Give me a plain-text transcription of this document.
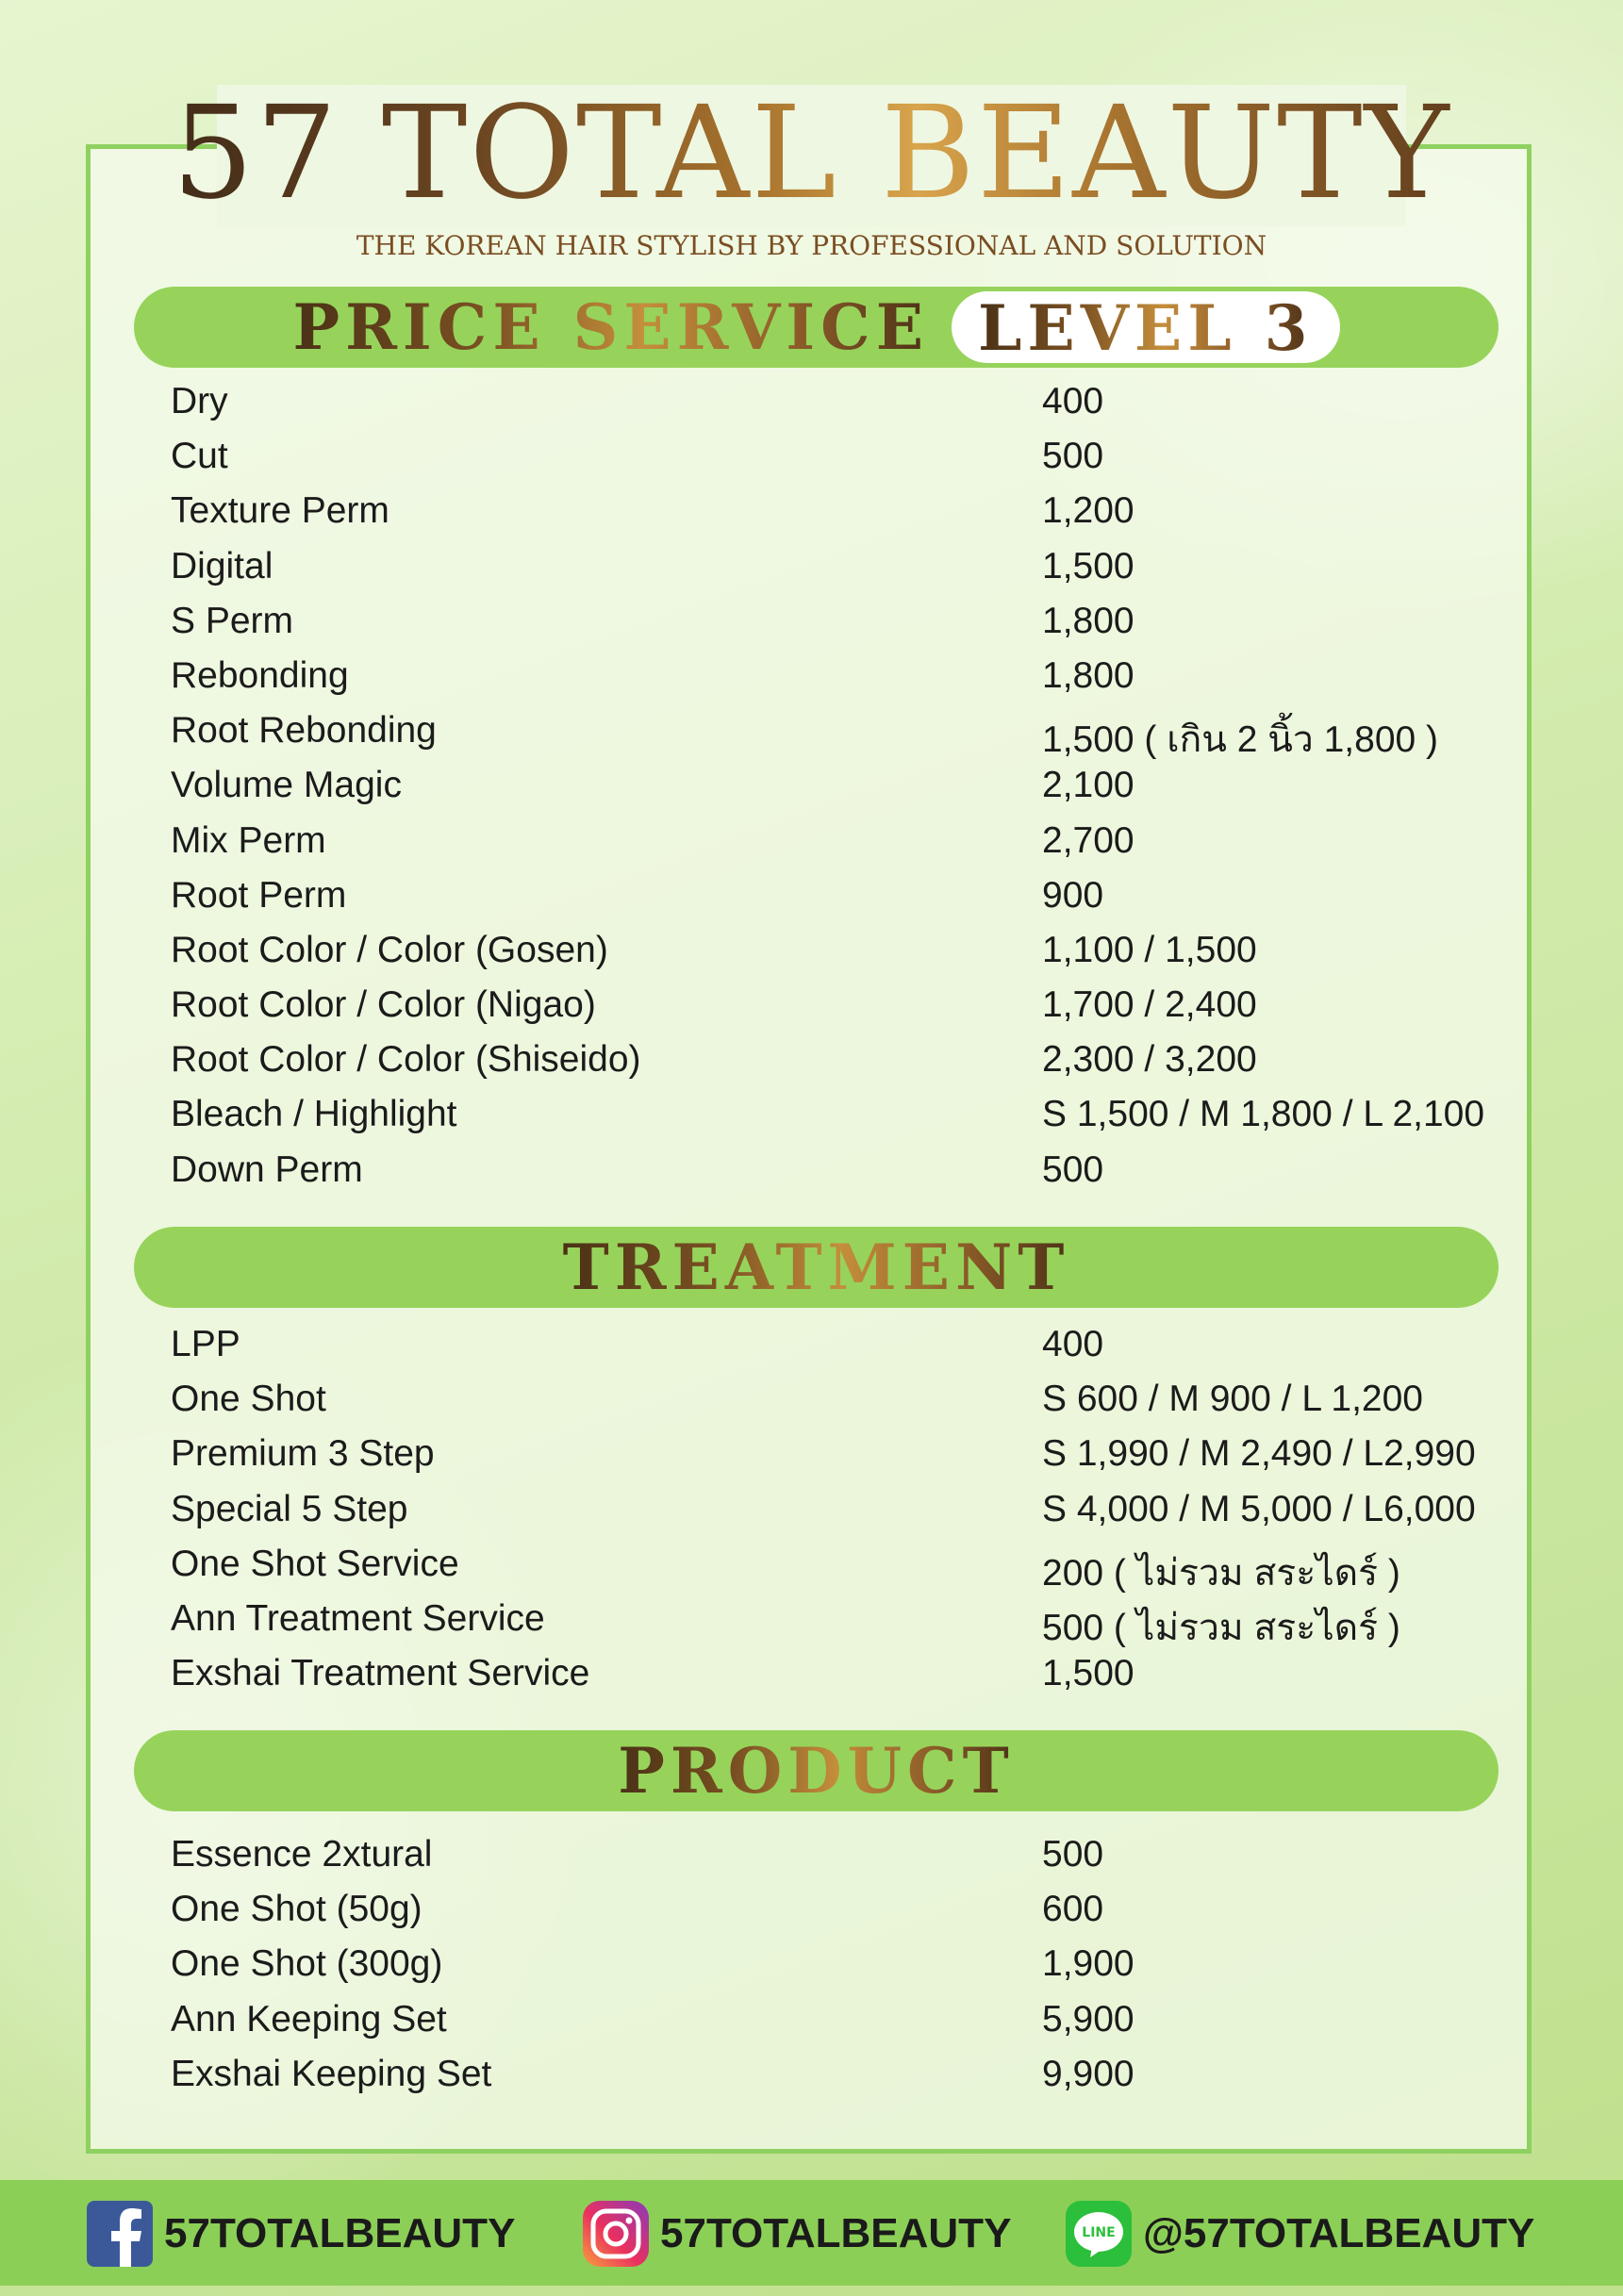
57 TOTAL BEAUTY
THE KOREAN HAIR STYLISH BY PROFESSIONAL AND SOLUTION
PRICE SERVICE LEVEL 3
Dry	400
Cut	500
Texture Perm	1,200
Digital	1,500
S Perm	1,800
Rebonding	1,800
Root Rebonding	1,500 ( เกิน 2 นิ้ว 1,800 )
Volume Magic	2,100
Mix Perm	2,700
Root Perm	900
Root Color / Color (Gosen)	1,100 / 1,500
Root Color / Color (Nigao)	1,700 / 2,400
Root Color / Color (Shiseido)	2,300 / 3,200
Bleach / Highlight	S 1,500 / M 1,800 / L 2,100
Down Perm	500
TREATMENT
LPP	400
One Shot	S 600 / M 900 / L 1,200
Premium 3 Step	S 1,990 / M 2,490 / L2,990
Special 5 Step	S 4,000 / M 5,000 / L6,000
One Shot Service	200 ( ไม่รวม สระไดร์ )
Ann Treatment Service	500 ( ไม่รวม สระไดร์ )
Exshai Treatment Service	1,500
PRODUCT
Essence 2xtural	500
One Shot (50g)	600
One Shot (300g)	1,900
Ann Keeping Set	5,900
Exshai Keeping Set	9,900
57TOTALBEAUTY	57TOTALBEAUTY	LINE @57TOTALBEAUTY
